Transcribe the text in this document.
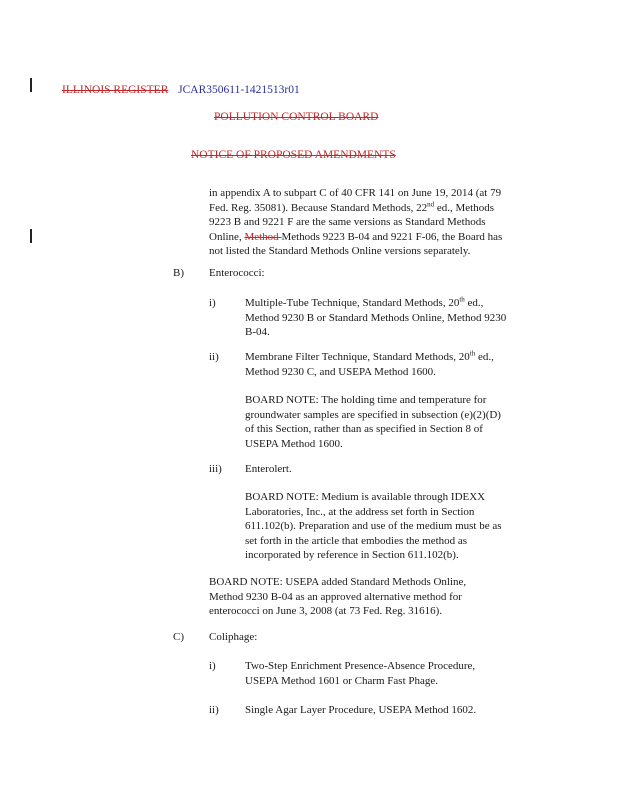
ILLINOIS REGISTER JCAR350611-1421513r01
POLLUTION CONTROL BOARD
NOTICE OF PROPOSED AMENDMENTS
in appendix A to subpart C of 40 CFR 141 on June 19, 2014 (at 79
Fed. Reg. 35081). Because Standard Methods, 22nd ed., Methods
9223 B and 9221 F are the same versions as Standard Methods
Online, Method Methods 9223 B-04 and 9221 F-06, the Board has
not listed the Standard Methods Online versions separately.
B) Enterococci:
i)	Multiple-Tube Technique, Standard Methods, 20th ed.,
Method 9230 B or Standard Methods Online, Method 9230
B-04.
ii) Membrane Filter Technique, Standard Methods, 20th ed.,
Method 9230 C, and USEPA Method 1600.
BOARD NOTE: The holding time and temperature for
groundwater samples are specified in subsection (e)(2)(D)
of this Section, rather than as specified in Section 8 of
USEPA Method 1600.
iii) Enterolert.
BOARD NOTE: Medium is available through IDEXX
Laboratories, Inc., at the address set forth in Section
611.102(b). Preparation and use of the medium must be as
set forth in the article that embodies the method as
incorporated by reference in Section 611.102(b).
BOARD NOTE: USEPA added Standard Methods Online,
Method 9230 B-04 as an approved alternative method for
enterococci on June 3, 2008 (at 73 Fed. Reg. 31616).
C) Coliphage:
i)	Two-Step Enrichment Presence-Absence Procedure,
USEPA Method 1601 or Charm Fast Phage.
ii) Single Agar Layer Procedure, USEPA Method 1602.
